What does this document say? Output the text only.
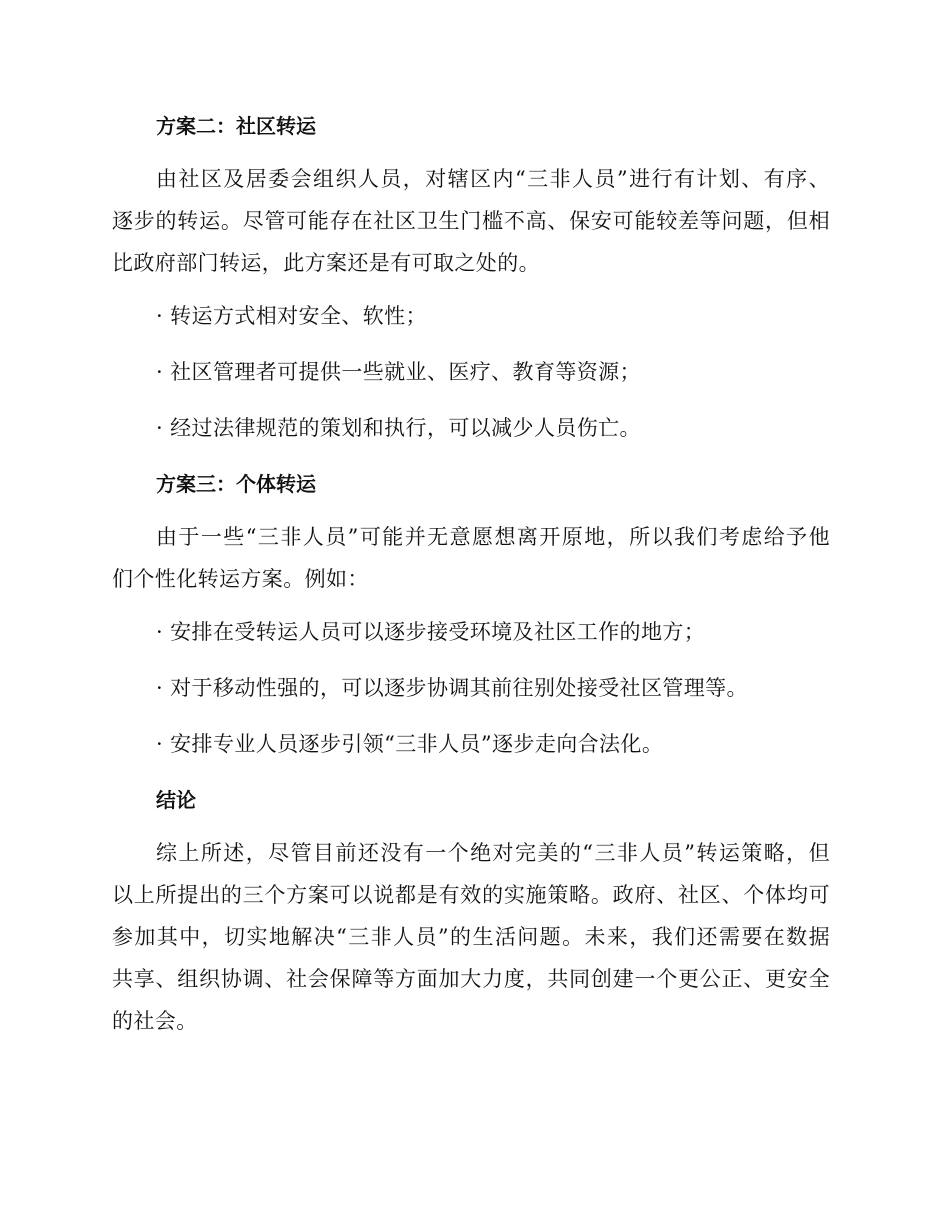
方案二：社区转运
由社区及居委会组织人员，对辖区内“三非人员”进行有计划、有序、
逐步的转运。尽管可能存在社区卫生门槛不高、保安可能较差等问题，但相
比政府部门转运，此方案还是有可取之处的。
· 转运方式相对安全、软性；
· 社区管理者可提供一些就业、医疗、教育等资源；
· 经过法律规范的策划和执行，可以减少人员伤亡。
方案三：个体转运
由于一些“三非人员”可能并无意愿想离开原地，所以我们考虑给予他
们个性化转运方案。例如：
· 安排在受转运人员可以逐步接受环境及社区工作的地方；
· 对于移动性强的，可以逐步协调其前往别处接受社区管理等。
· 安排专业人员逐步引领“三非人员”逐步走向合法化。
结论
综上所述，尽管目前还没有一个绝对完美的“三非人员”转运策略，但
以上所提出的三个方案可以说都是有效的实施策略。政府、社区、个体均可
参加其中，切实地解决“三非人员”的生活问题。未来，我们还需要在数据
共享、组织协调、社会保障等方面加大力度，共同创建一个更公正、更安全
的社会。
